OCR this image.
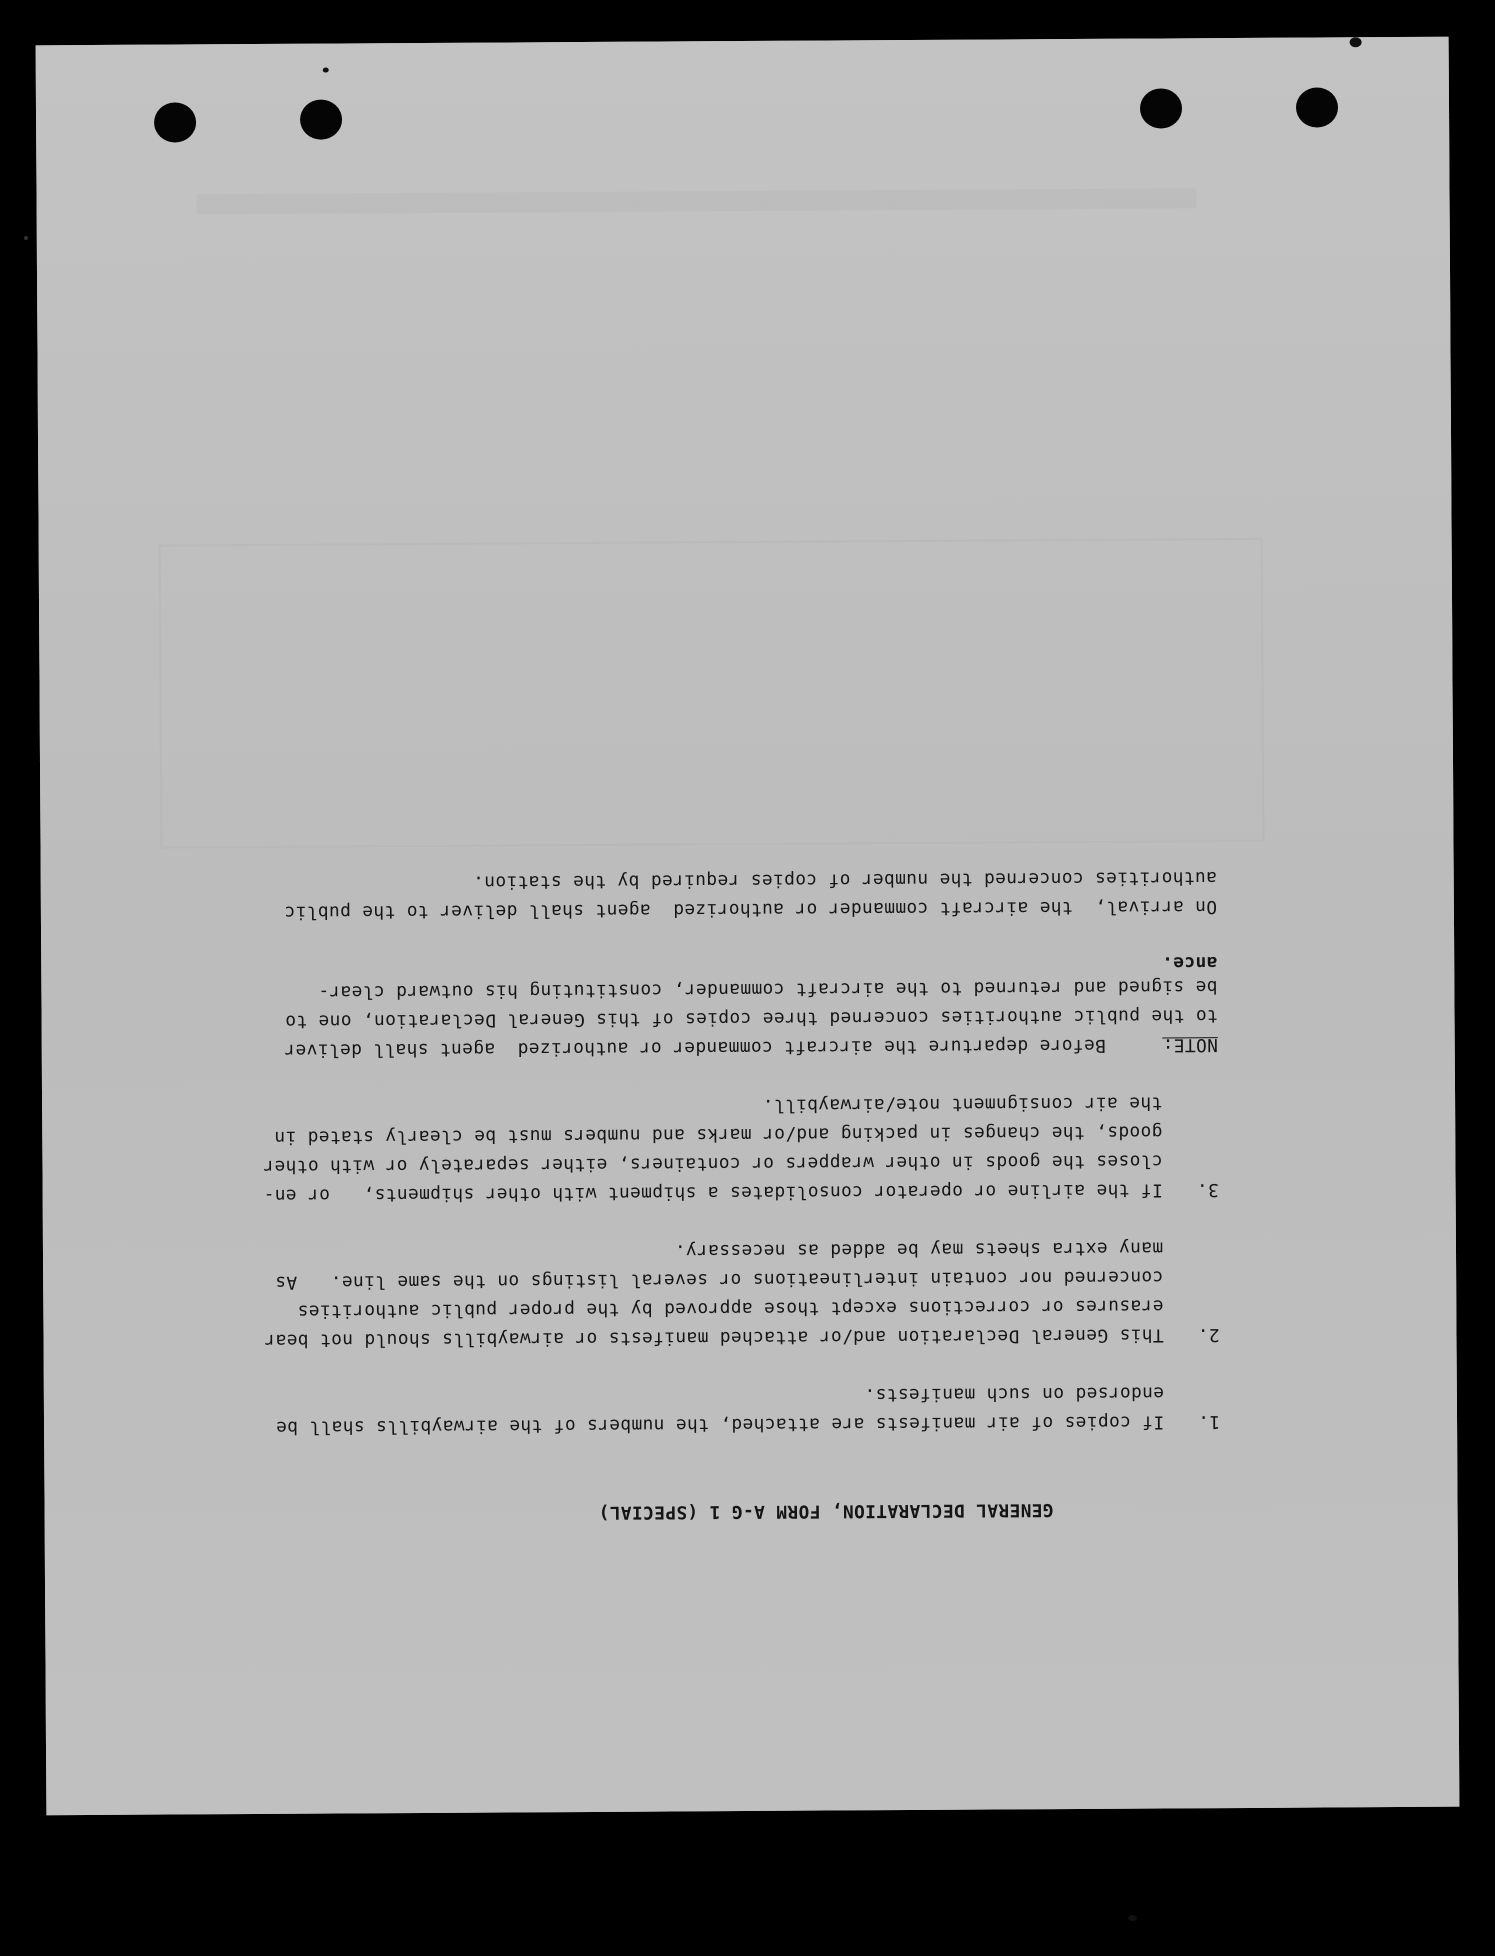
GENERAL DECLARATION, FORM A-G 1 (SPECIAL)

1.If copies of air manifests are attached, the numbers of the airwaybills shall be

endorsed on such manifests.

2.This General Declaration and/or attached manifests or airwaybills should not bear

erasures or corrections except those approved by the proper public authorities

concerned nor contain interlineations or several listings on the same line.   As

many extra sheets may be added as necessary.

3.If the airline or operator consolidates a shipment with other shipments,   or en-

closes the goods in other wrappers or containers, either separately or with other

goods, the changes in packing and/or marks and numbers must be clearly stated in

the air consignment note/airwaybill.

NOTE:Before departure the aircraft commander or authorized  agent shall deliver

to the public authorities concerned three copies of this General Declaration, one to

be signed and returned to the aircraft commander, constituting his outward clear-

ance.

On arrival,  the aircraft commander or authorized  agent shall deliver to the public

authorities concerned the number of copies required by the station.
